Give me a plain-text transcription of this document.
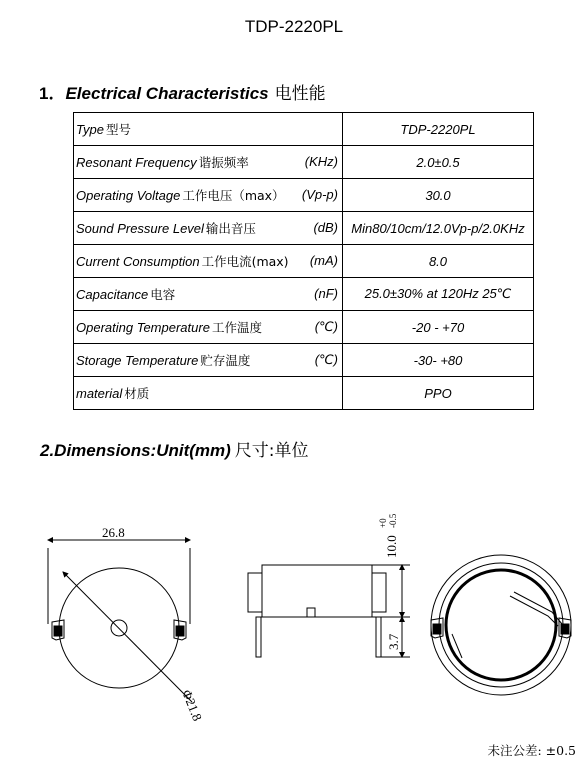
TDP-2220PL
1．Electrical Characteristics 电性能
Type 型号	TDP-2220PL
Resonant Frequency 谐振频率 (KHz)	2.0±0.5
Operating Voltage 工作电压（max） (Vp-p)	30.0
Sound Pressure Level 输出音压 (dB)	Min80/10cm/12.0Vp-p/2.0KHz
Current Consumption 工作电流(max) (mA)	8.0
Capacitance 电容 (nF)	25.0±30% at 120Hz 25℃
Operating Temperature 工作温度 (℃)	-20 - +70
Storage Temperature 贮存温度 (℃)	-30- +80
material 材质	PPO
2.Dimensions:Unit(mm) 尺寸:单位
26.8
Φ21.8
10.0
+0 -0.5
3.7
未注公差: ±0.5
